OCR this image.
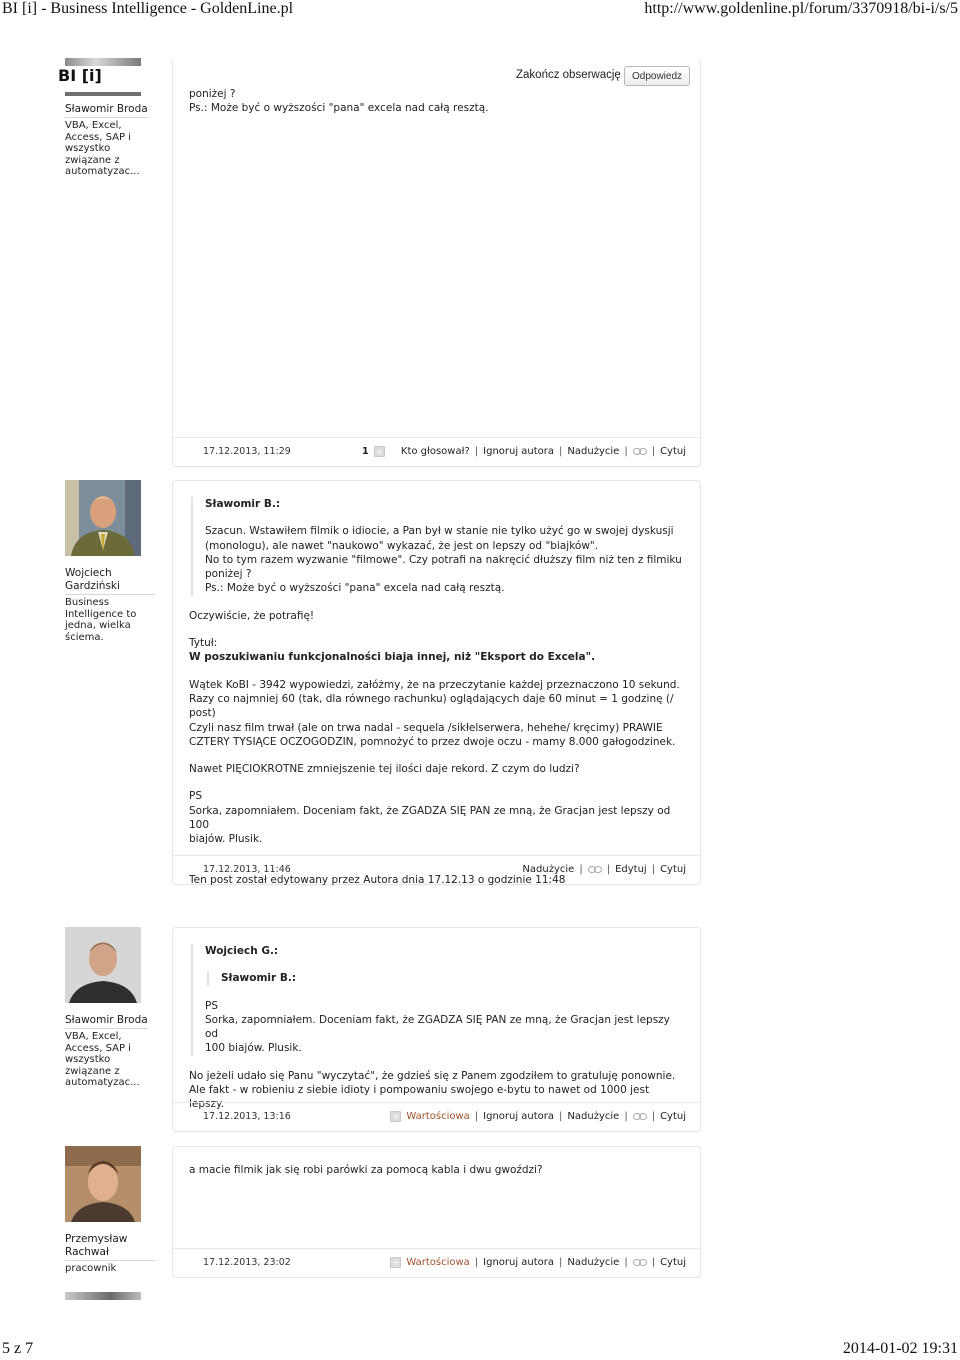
BI [i] - Business Intelligence - GoldenLine.pl	http://www.goldenline.pl/forum/3370918/bi-i/s/5
BI [i]	Zakończ obserwację	Odpowiedz
Sławomir Broda
VBA, Excel, Access, SAP i wszystko związane z automatyzac...

poniżej ?

Ps.: Może być o wyższości "pana" excela nad całą resztą.

17.12.2013, 11:29	1 + Kto głosował? | Ignoruj autora | Nadużycie | | Cytuj
Wojciech Gardziński
Business Intelligence to jedna, wielka ściema.

Sławomir B.:

Szacun. Wstawiłem filmik o idiocie, a Pan był w stanie nie tylko użyć go w swojej dyskusji

(monologu), ale nawet "naukowo" wykazać, że jest on lepszy od "biajków".

No to tym razem wyzwanie "filmowe". Czy potrafi na nakręcić dłuższy film niż ten z filmiku

poniżej ?

Ps.: Może być o wyższości "pana" excela nad całą resztą.

Oczywiście, że potrafię!

Tytuł:

W poszukiwaniu funkcjonalności biaja innej, niż "Eksport do Excela".

Wątek KoBI - 3942 wypowiedzi, załóżmy, że na przeczytanie każdej przeznaczono 10 sekund.

Razy co najmniej 60 (tak, dla równego rachunku) oglądających daje 60 minut = 1 godzinę (/

post)

Czyli nasz film trwał (ale on trwa nadal - sequela /sikłelserwera, hehehe/ kręcimy) PRAWIE

CZTERY TYSIĄCE OCZOGODZIN, pomnożyć to przez dwoje oczu - mamy 8.000 gałogodzinek.

Nawet PIĘCIOKROTNE zmniejszenie tej ilości daje rekord. Z czym do ludzi?

PS

Sorka, zapomniałem. Doceniam fakt, że ZGADZA SIĘ PAN ze mną, że Gracjan jest lepszy od 100

biajów. Plusik.

Ten post został edytowany przez Autora dnia 17.12.13 o godzinie 11:48

17.12.2013, 11:46	Nadużycie | | Edytuj | Cytuj
Sławomir Broda
VBA, Excel, Access, SAP i wszystko związane z automatyzac...

Wojciech G.:

Sławomir B.:

PS

Sorka, zapomniałem. Doceniam fakt, że ZGADZA SIĘ PAN ze mną, że Gracjan jest lepszy od

100 biajów. Plusik.

No jeżeli udało się Panu "wyczytać", że gdzieś się z Panem zgodziłem to gratuluję ponownie.

Ale fakt - w robieniu z siebie idioty i pompowaniu swojego e-bytu to nawet od 1000 jest lepszy.

17.12.2013, 13:16	+ Wartościowa | Ignoruj autora | Nadużycie | | Cytuj
Przemysław Rachwał
pracownik

a macie filmik jak się robi parówki za pomocą kabla i dwu gwoździ?

17.12.2013, 23:02	+ Wartościowa | Ignoruj autora | Nadużycie | | Cytuj
5 z 7	2014-01-02 19:31
